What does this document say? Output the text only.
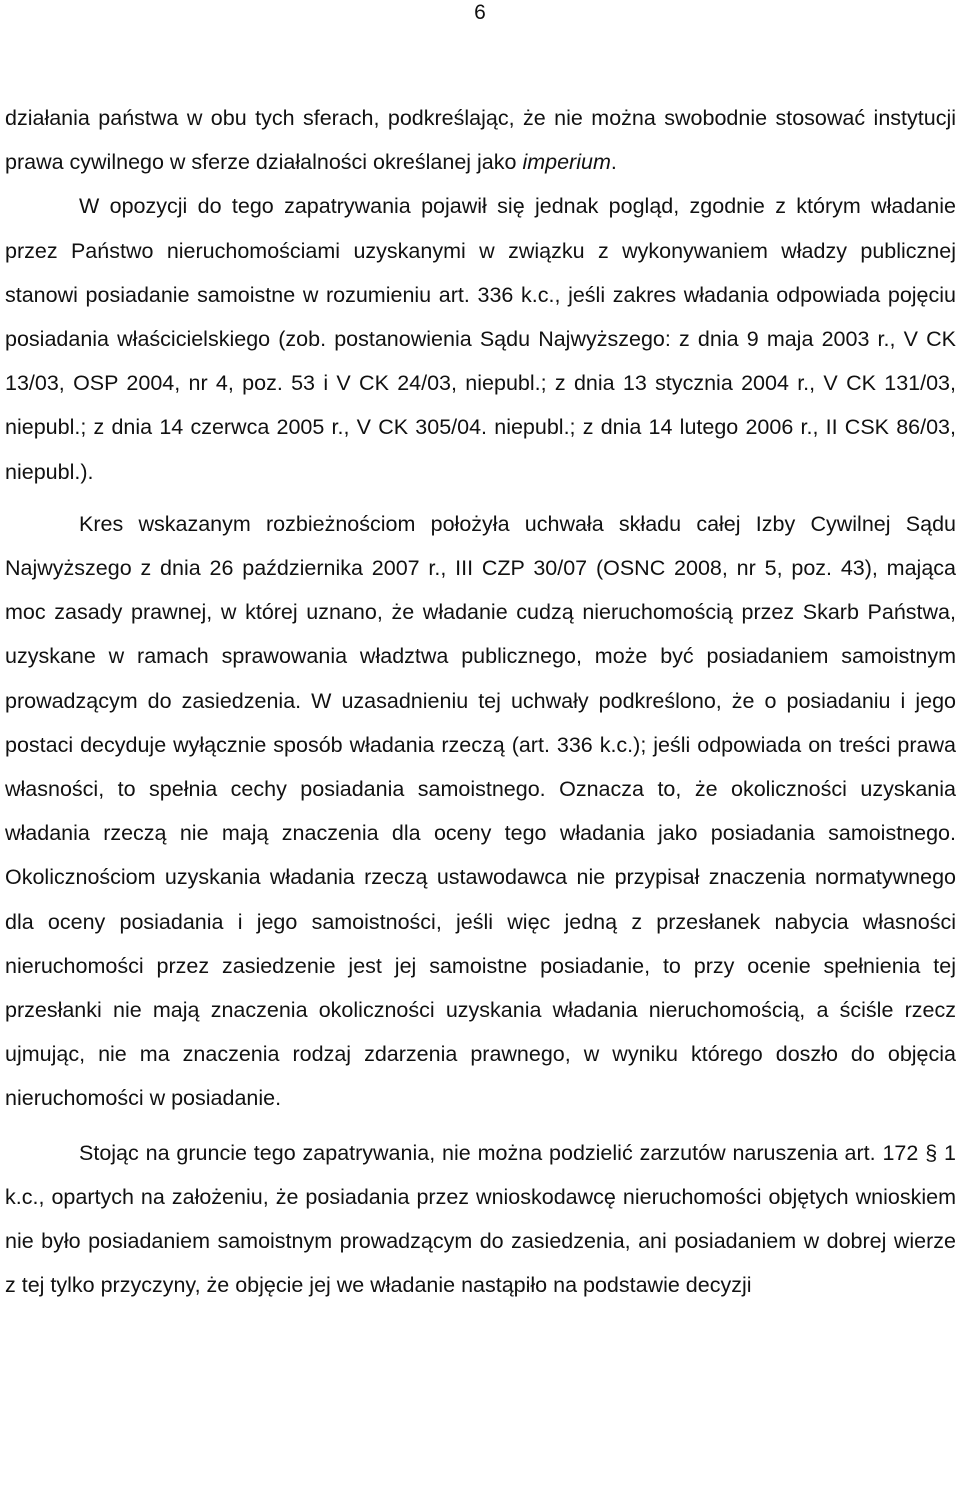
6

działania państwa w obu tych sferach, podkreślając, że nie można swobodnie stosować instytucji prawa cywilnego w sferze działalności określanej jako imperium.

W opozycji do tego zapatrywania pojawił się jednak pogląd, zgodnie z którym władanie przez Państwo nieruchomościami uzyskanymi w związku z wykonywaniem władzy publicznej stanowi posiadanie samoistne w rozumieniu art. 336 k.c., jeśli zakres władania odpowiada pojęciu posiadania właścicielskiego (zob. postanowienia Sądu Najwyższego: z dnia 9 maja 2003 r., V CK 13/03, OSP 2004, nr 4, poz. 53 i V CK 24/03, niepubl.; z dnia 13 stycznia 2004 r., V CK 131/03, niepubl.; z dnia 14 czerwca 2005 r., V CK 305/04. niepubl.; z dnia 14 lutego 2006 r., II CSK 86/03, niepubl.).

Kres wskazanym rozbieżnościom położyła uchwała składu całej Izby Cywilnej Sądu Najwyższego z dnia 26 października 2007 r., III CZP 30/07 (OSNC 2008, nr 5, poz. 43), mająca moc zasady prawnej, w której uznano, że władanie cudzą nieruchomością przez Skarb Państwa, uzyskane w ramach sprawowania władztwa publicznego, może być posiadaniem samoistnym prowadzącym do zasiedzenia. W uzasadnieniu tej uchwały podkreślono, że o posiadaniu i jego postaci decyduje wyłącznie sposób władania rzeczą (art. 336 k.c.); jeśli odpowiada on treści prawa własności, to spełnia cechy posiadania samoistnego. Oznacza to, że okoliczności uzyskania władania rzeczą nie mają znaczenia dla oceny tego władania jako posiadania samoistnego. Okolicznościom uzyskania władania rzeczą ustawodawca nie przypisał znaczenia normatywnego dla oceny posiadania i jego samoistności, jeśli więc jedną z przesłanek nabycia własności nieruchomości przez zasiedzenie jest jej samoistne posiadanie, to przy ocenie spełnienia tej przesłanki nie mają znaczenia okoliczności uzyskania władania nieruchomością, a ściśle rzecz ujmując, nie ma znaczenia rodzaj zdarzenia prawnego, w wyniku którego doszło do objęcia nieruchomości w posiadanie.

Stojąc na gruncie tego zapatrywania, nie można podzielić zarzutów naruszenia art. 172 § 1 k.c., opartych na założeniu, że posiadania przez wnioskodawcę nieruchomości objętych wnioskiem nie było posiadaniem samoistnym prowadzącym do zasiedzenia, ani posiadaniem w dobrej wierze z tej tylko przyczyny, że objęcie jej we władanie nastąpiło na podstawie decyzji
